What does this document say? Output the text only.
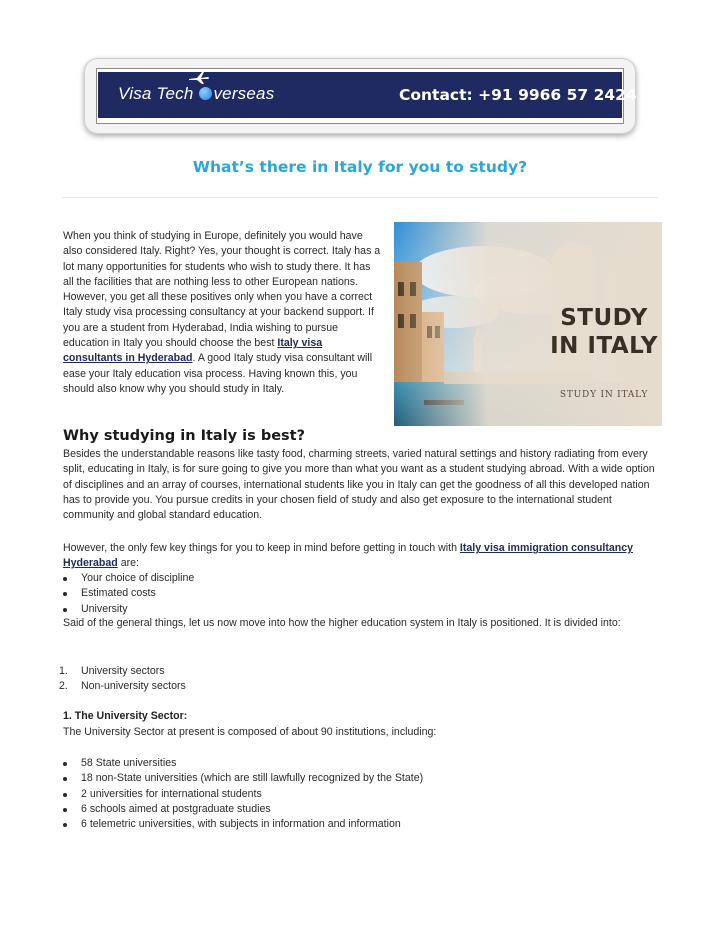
Visa Tech verseas	Contact: +91 9966 57 2424
What’s there in Italy for you to study?

When you think of studying in Europe, definitely you would have also considered Italy. Right? Yes, your thought is correct. Italy has a lot many opportunities for students who wish to study there. It has all the facilities that are nothing less to other European nations. However, you get all these positives only when you have a correct Italy study visa processing consultancy at your backend support. If you are a student from Hyderabad, India wishing to pursue education in Italy you should choose the best Italy visa consultants in Hyderabad. A good Italy study visa consultant will ease your Italy education visa process. Having known this, you should also know why you should study in Italy.

STUDY IN ITALY
STUDY IN ITALY
Why studying in Italy is best?

Besides the understandable reasons like tasty food, charming streets, varied natural settings and history radiating from every split, educating in Italy, is for sure going to give you more than what you want as a student studying abroad. With a wide option of disciplines and an array of courses, international students like you in Italy can get the goodness of all this developed nation has to provide you. You pursue credits in your chosen field of study and also get exposure to the international student community and global standard education.

However, the only few key things for you to keep in mind before getting in touch with Italy visa immigration consultancy Hyderabad are:

Your choice of discipline
Estimated costs
University

Said of the general things, let us now move into how the higher education system in Italy is positioned. It is divided into:

1. University sectors
2. Non-university sectors
1. The University Sector:

The University Sector at present is composed of about 90 institutions, including:

58 State universities
18 non-State universities (which are still lawfully recognized by the State)
2 universities for international students
6 schools aimed at postgraduate studies
6 telemetric universities, with subjects in information and information
